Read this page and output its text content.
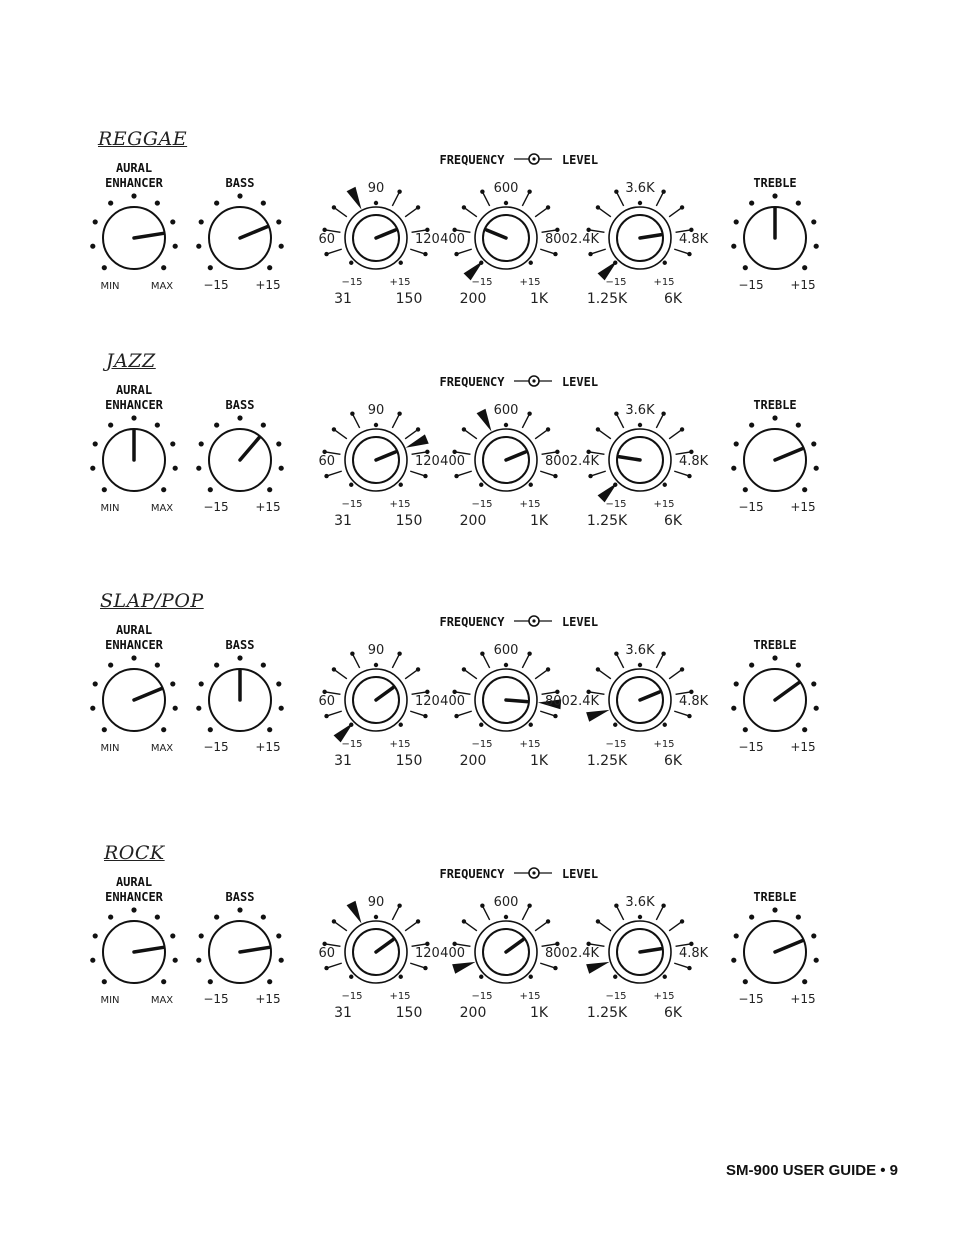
REGGAE
AURAL
ENHANCER	BASS	TREBLE
FREQUENCY	LEVEL
MIN	MAX	−15 +15
60	120
90
−15	+15
31	150
400	800
600
−15	+15
200	1K
2.4K	4.8K
3.6K
−15	+15
1.25K	6K
−15 +15
JAZZ
AURAL
ENHANCER	BASS	TREBLE
FREQUENCY	LEVEL
MIN	MAX	−15 +15
60	120
90
−15	+15
31	150
400	800
600
−15	+15
200	1K
2.4K	4.8K
3.6K
−15	+15
1.25K	6K
−15 +15
SLAP/POP
AURAL
ENHANCER	BASS	TREBLE
FREQUENCY	LEVEL
MIN	MAX	−15 +15
60	120
90
−15	+15
31	150
400	800
600
−15	+15
200	1K
2.4K	4.8K
3.6K
−15	+15
1.25K	6K
−15 +15
ROCK
AURAL
ENHANCER	BASS	TREBLE
FREQUENCY	LEVEL
MIN	MAX	−15 +15
60	120
90
−15	+15
31	150
400	800
600
−15	+15
200	1K
2.4K	4.8K
3.6K
−15	+15
1.25K	6K
−15 +15
SM-900 USER GUIDE • 9
